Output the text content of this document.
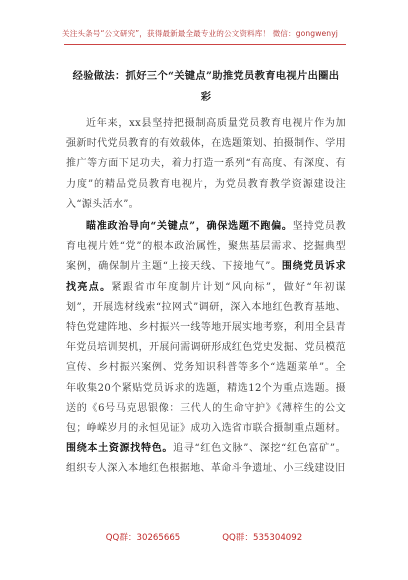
关注头条号“公文研究”，获得最新最全最专业的公文资料库！ 微信：gongwenyj
经验做法：抓好三个“关键点”助推党员教育电视片出圈出彩

近年来，xx县坚持把摄制高质量党员教育电视片作为加强新时代党员教育的有效载体，在选题策划、拍摄制作、学用推广等方面下足功夫，着力打造一系列“有高度、有深度、有力度”的精品党员教育电视片，为党员教育教学资源建设注入“源头活水”。

瞄准政治导向“关键点”，确保选题不跑偏。坚持党员教育电视片姓“党”的根本政治属性，聚焦基层需求、挖掘典型案例，确保制片主题“上接天线、下接地气”。围绕党员诉求找亮点。紧跟省市年度制片计划“风向标”，做好“年初谋划”，开展选材线索“拉网式”调研，深入本地红色教育基地、特色党建阵地、乡村振兴一线等地开展实地考察，利用全县青年党员培训契机，开展问需调研形成红色党史发掘、党员模范宣传、乡村振兴案例、党务知识科普等多个“选题菜单”。全年收集20个紧贴党员诉求的选题，精选12个为重点选题。摄送的《6号马克思银像：三代人的生命守护》《薄梓生的公文包；峥嵘岁月的永恒见证》成功入选省市联合摄制重点题材。围绕本土资源找特色。追寻“红色文脉”、深挖“红色富矿”。组织专人深入本地红色根据地、革命斗争遗址、小三线建设旧

QQ群：30265665	QQ群：535304092
